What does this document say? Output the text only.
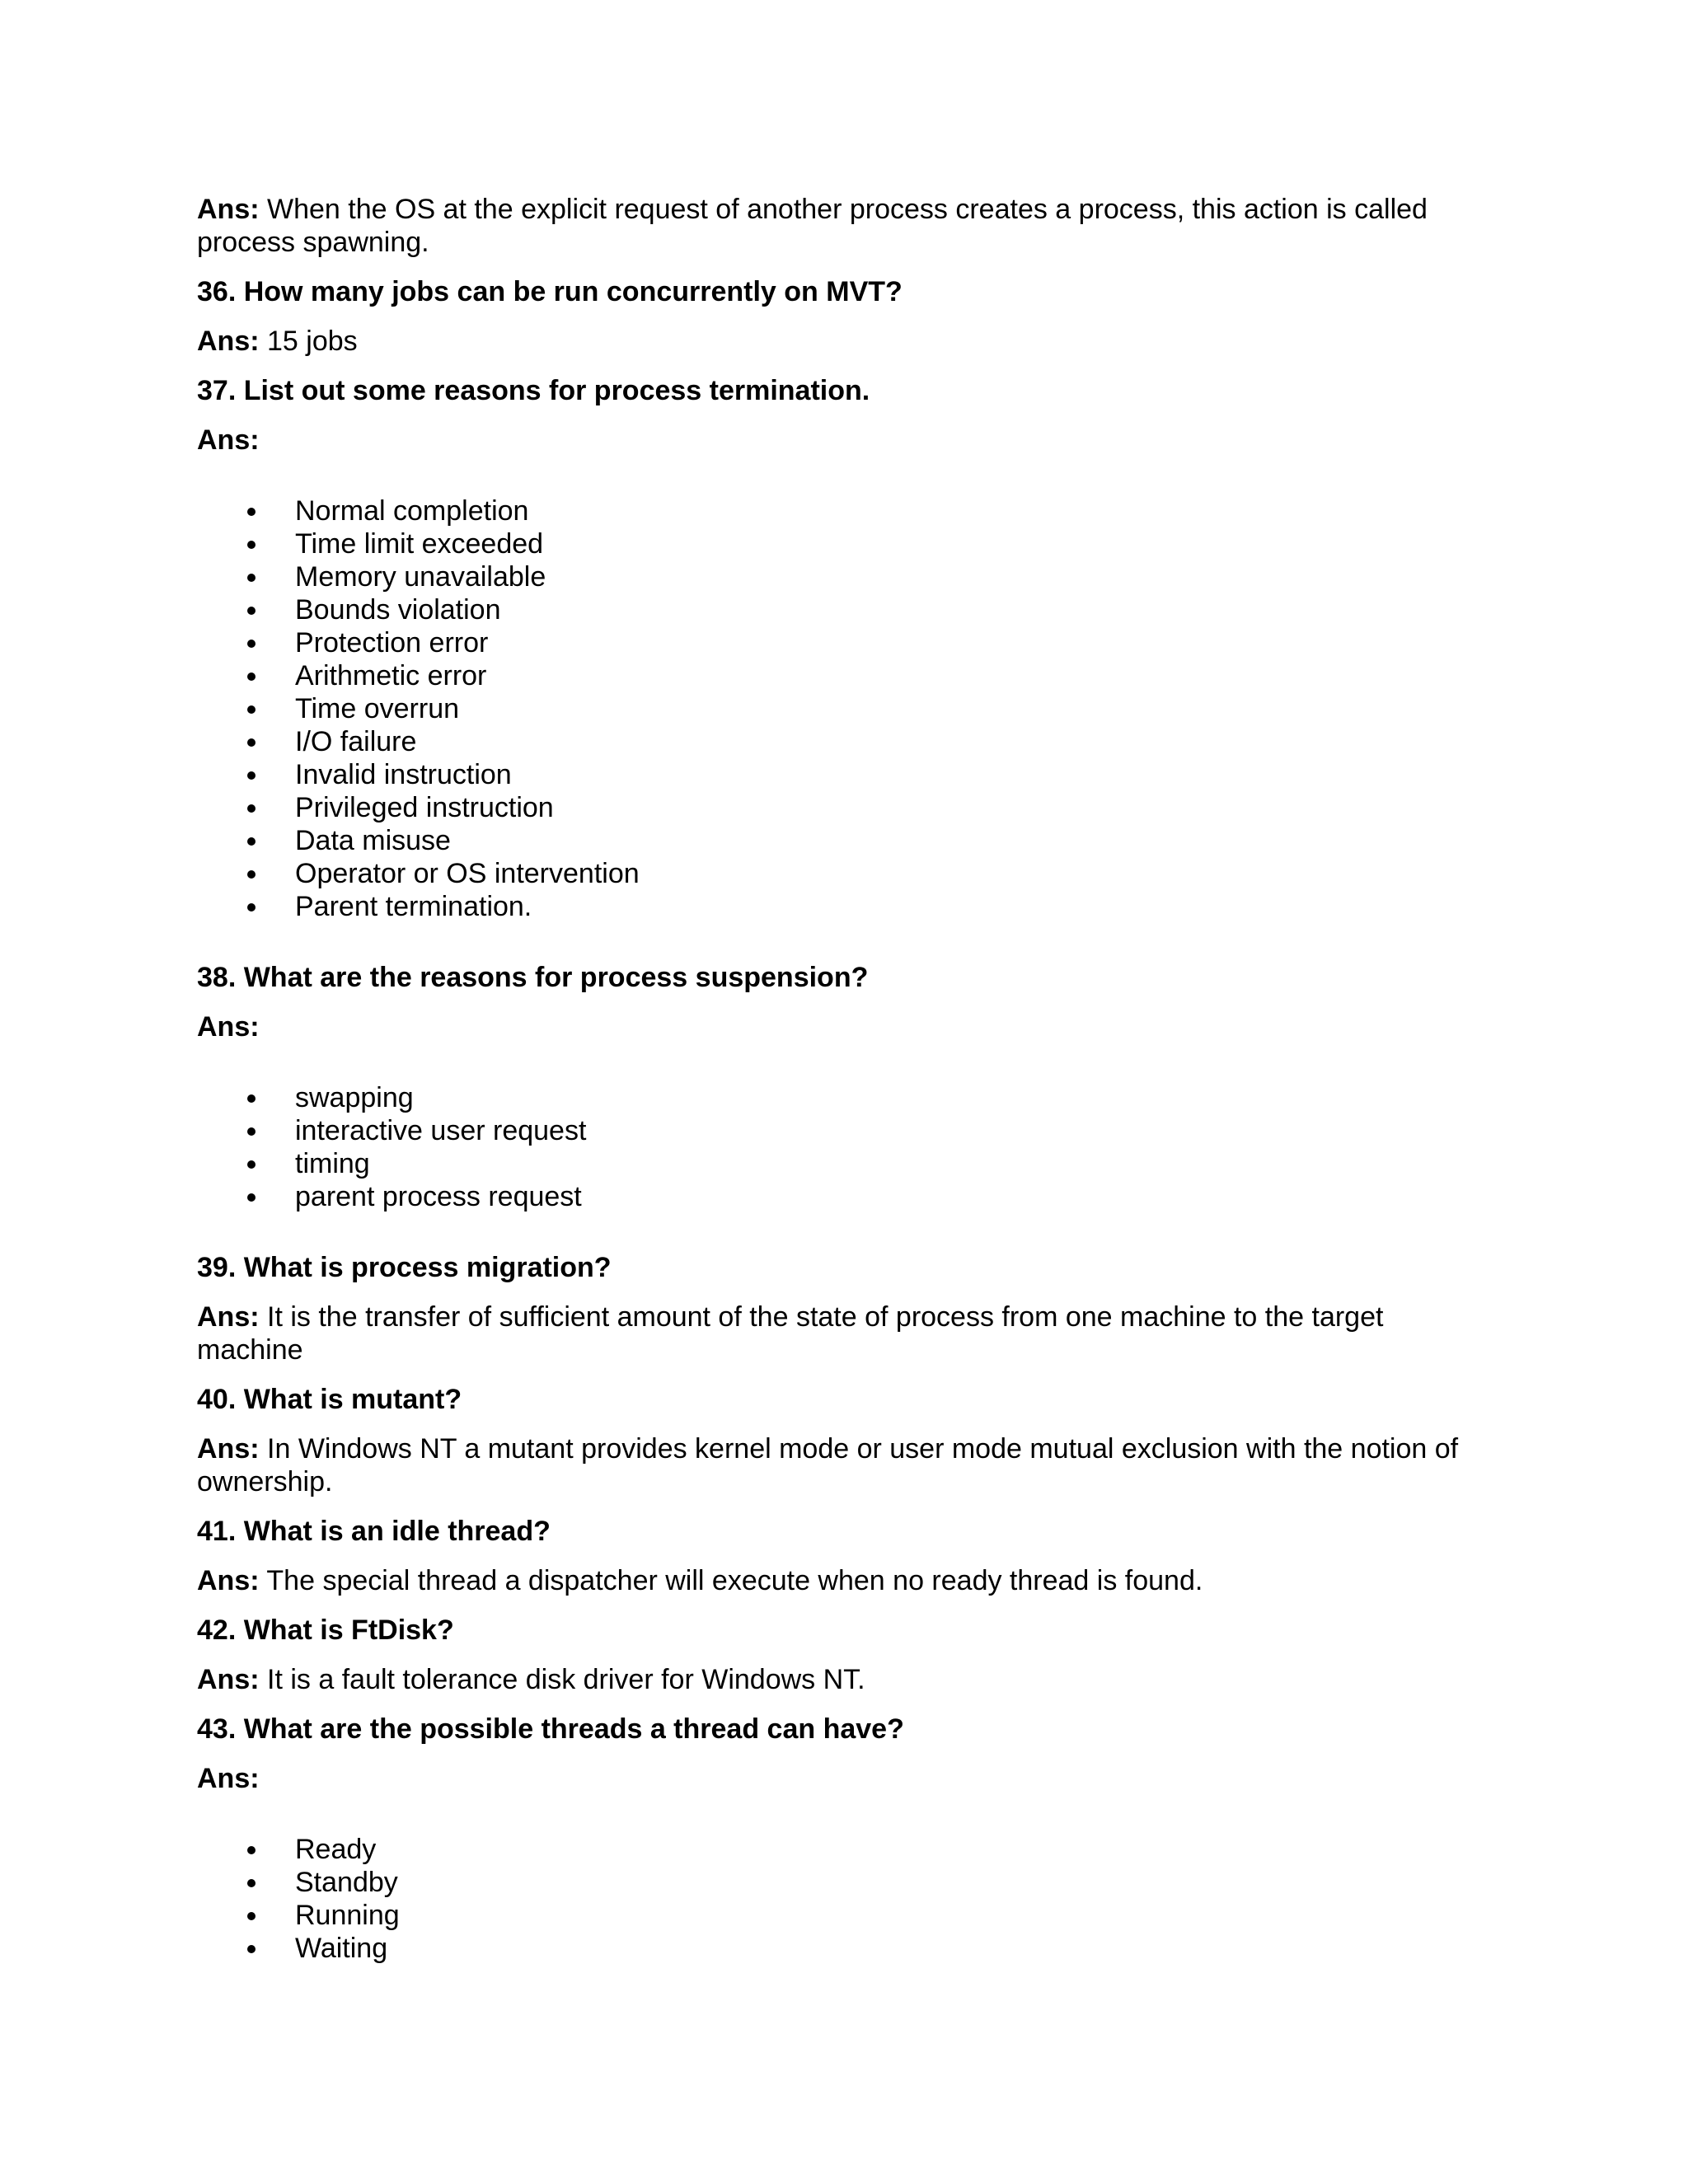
Ans: When the OS at the explicit request of another process creates a process, this action is called process spawning.

36. How many jobs can be run concurrently on MVT?

Ans: 15 jobs

37. List out some reasons for process termination.

Ans:

Normal completion
Time limit exceeded
Memory unavailable
Bounds violation
Protection error
Arithmetic error
Time overrun
I/O failure
Invalid instruction
Privileged instruction
Data misuse
Operator or OS intervention
Parent termination.

38. What are the reasons for process suspension?

Ans:

swapping
interactive user request
timing
parent process request

39. What is process migration?

Ans: It is the transfer of sufficient amount of the state of process from one machine to the target machine

40. What is mutant?

Ans: In Windows NT a mutant provides kernel mode or user mode mutual exclusion with the notion of ownership.

41. What is an idle thread?

Ans: The special thread a dispatcher will execute when no ready thread is found.

42. What is FtDisk?

Ans: It is a fault tolerance disk driver for Windows NT.

43. What are the possible threads a thread can have?

Ans:

Ready
Standby
Running
Waiting
